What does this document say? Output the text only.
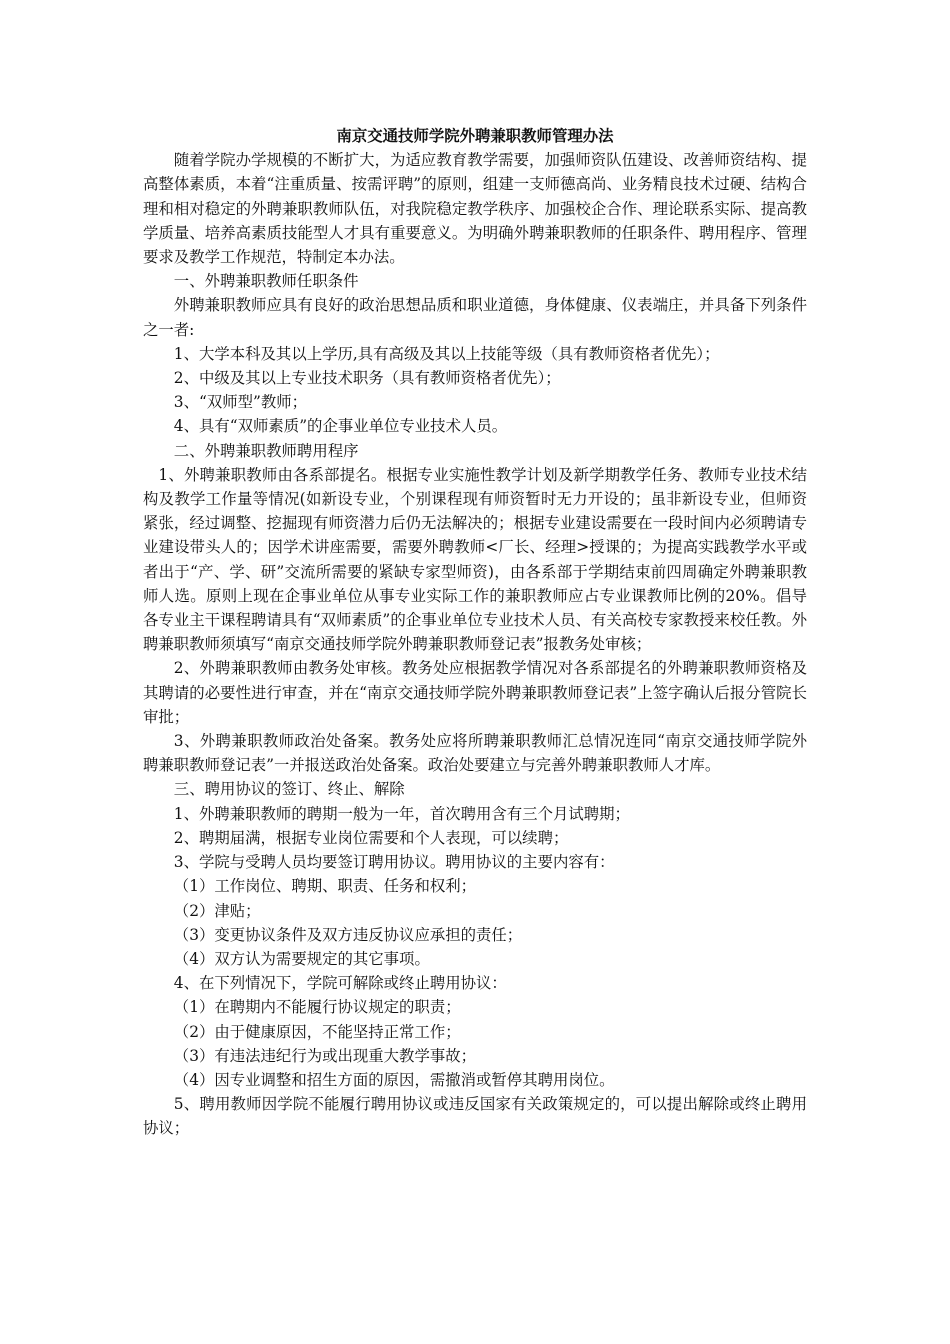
南京交通技师学院外聘兼职教师管理办法

随着学院办学规模的不断扩大，为适应教育教学需要，加强师资队伍建设、改善师资结构、提高整体素质，本着“注重质量、按需评聘”的原则，组建一支师德高尚、业务精良技术过硬、结构合理和相对稳定的外聘兼职教师队伍，对我院稳定教学秩序、加强校企合作、理论联系实际、提高教学质量、培养高素质技能型人才具有重要意义。为明确外聘兼职教师的任职条件、聘用程序、管理要求及教学工作规范，特制定本办法。

一、外聘兼职教师任职条件

外聘兼职教师应具有良好的政治思想品质和职业道德，身体健康、仪表端庄，并具备下列条件之一者:

1、大学本科及其以上学历,具有高级及其以上技能等级（具有教师资格者优先）；

2、中级及其以上专业技术职务（具有教师资格者优先）；

3、“双师型”教师；

4、具有“双师素质”的企事业单位专业技术人员。

二、外聘兼职教师聘用程序

1、外聘兼职教师由各系部提名。根据专业实施性教学计划及新学期教学任务、教师专业技术结构及教学工作量等情况(如新设专业，个别课程现有师资暂时无力开设的；虽非新设专业，但师资紧张，经过调整、挖掘现有师资潜力后仍无法解决的；根据专业建设需要在一段时间内必须聘请专业建设带头人的；因学术讲座需要，需要外聘教师<厂长、经理>授课的；为提高实践教学水平或者出于“产、学、研”交流所需要的紧缺专家型师资)，由各系部于学期结束前四周确定外聘兼职教师人选。原则上现在企事业单位从事专业实际工作的兼职教师应占专业课教师比例的20%。倡导各专业主干课程聘请具有“双师素质”的企事业单位专业技术人员、有关高校专家教授来校任教。外聘兼职教师须填写“南京交通技师学院外聘兼职教师登记表”报教务处审核；

2、外聘兼职教师由教务处审核。教务处应根据教学情况对各系部提名的外聘兼职教师资格及其聘请的必要性进行审查，并在“南京交通技师学院外聘兼职教师登记表”上签字确认后报分管院长审批；

3、外聘兼职教师政治处备案。教务处应将所聘兼职教师汇总情况连同“南京交通技师学院外聘兼职教师登记表”一并报送政治处备案。政治处要建立与完善外聘兼职教师人才库。

三、聘用协议的签订、终止、解除

1、外聘兼职教师的聘期一般为一年，首次聘用含有三个月试聘期；

2、聘期届满，根据专业岗位需要和个人表现，可以续聘；

3、学院与受聘人员均要签订聘用协议。聘用协议的主要内容有：

（1）工作岗位、聘期、职责、任务和权利；

（2）津贴；

（3）变更协议条件及双方违反协议应承担的责任；

（4）双方认为需要规定的其它事项。

4、在下列情况下，学院可解除或终止聘用协议：

（1）在聘期内不能履行协议规定的职责；

（2）由于健康原因，不能坚持正常工作；

（3）有违法违纪行为或出现重大教学事故；

（4）因专业调整和招生方面的原因，需撤消或暂停其聘用岗位。

5、聘用教师因学院不能履行聘用协议或违反国家有关政策规定的，可以提出解除或终止聘用协议；
